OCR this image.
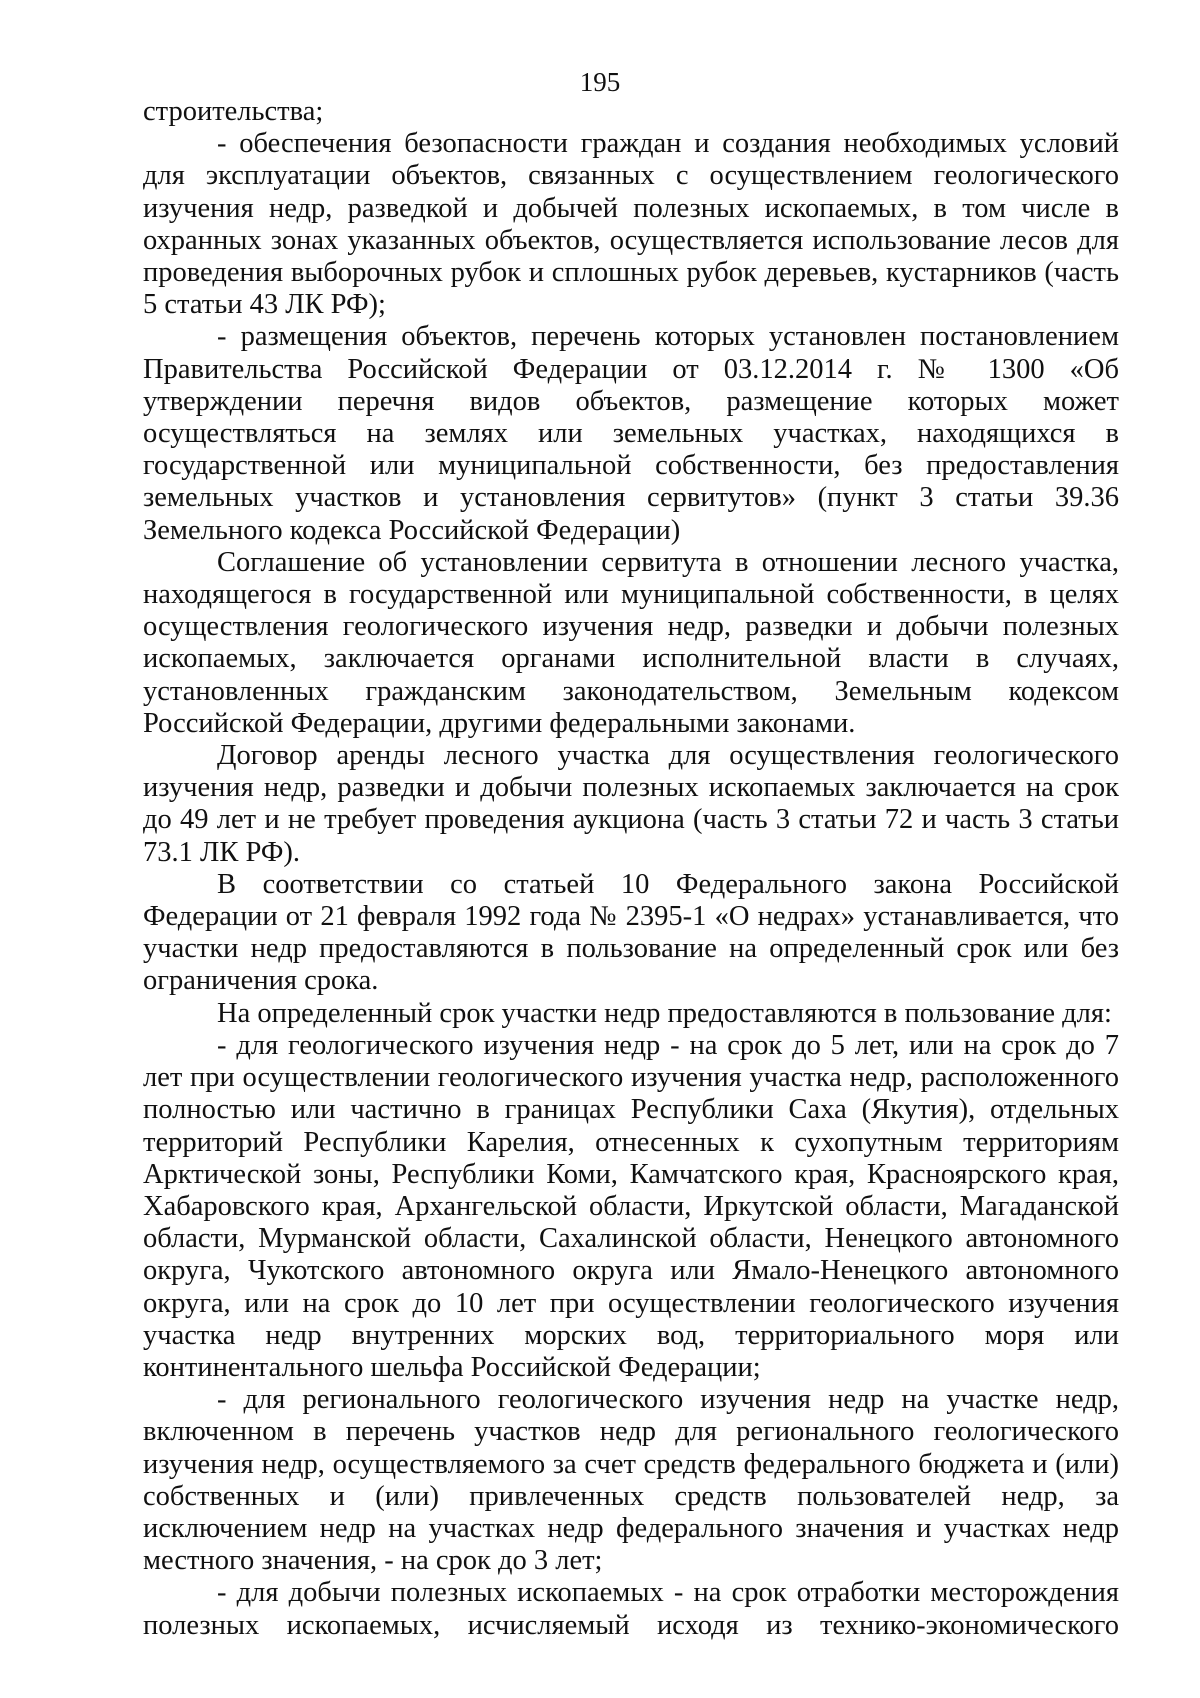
195

строительства;

- обеспечения безопасности граждан и создания необходимых условий для эксплуатации объектов, связанных с осуществлением геологического изучения недр, разведкой и добычей полезных ископаемых, в том числе в охранных зонах указанных объектов, осуществляется использование лесов для проведения выборочных рубок и сплошных рубок деревьев, кустарников (часть 5 статьи 43 ЛК РФ);

- размещения объектов, перечень которых установлен постановлением Правительства Российской Федерации от 03.12.2014 г. № 1300 «Об утверждении перечня видов объектов, размещение которых может осуществляться на землях или земельных участках, находящихся в государственной или муниципальной собственности, без предоставления земельных участков и установления сервитутов» (пункт 3 статьи 39.36 Земельного кодекса Российской Федерации)

Соглашение об установлении сервитута в отношении лесного участка, находящегося в государственной или муниципальной собственности, в целях осуществления геологического изучения недр, разведки и добычи полезных ископаемых, заключается органами исполнительной власти в случаях, установленных гражданским законодательством, Земельным кодексом Российской Федерации, другими федеральными законами.

Договор аренды лесного участка для осуществления геологического изучения недр, разведки и добычи полезных ископаемых заключается на срок до 49 лет и не требует проведения аукциона (часть 3 статьи 72 и часть 3 статьи 73.1 ЛК РФ).

В соответствии со статьей 10 Федерального закона Российской Федерации от 21 февраля 1992 года № 2395-1 «О недрах» устанавливается, что участки недр предоставляются в пользование на определенный срок или без ограничения срока.

На определенный срок участки недр предоставляются в пользование для:

- для геологического изучения недр - на срок до 5 лет, или на срок до 7 лет при осуществлении геологического изучения участка недр, расположенного полностью или частично в границах Республики Саха (Якутия), отдельных территорий Республики Карелия, отнесенных к сухопутным территориям Арктической зоны, Республики Коми, Камчатского края, Красноярского края, Хабаровского края, Архангельской области, Иркутской области, Магаданской области, Мурманской области, Сахалинской области, Ненецкого автономного округа, Чукотского автономного округа или Ямало-Ненецкого автономного округа, или на срок до 10 лет при осуществлении геологического изучения участка недр внутренних морских вод, территориального моря или континентального шельфа Российской Федерации;

- для регионального геологического изучения недр на участке недр, включенном в перечень участков недр для регионального геологического изучения недр, осуществляемого за счет средств федерального бюджета и (или) собственных и (или) привлеченных средств пользователей недр, за исключением недр на участках недр федерального значения и участках недр местного значения, - на срок до 3 лет;

- для добычи полезных ископаемых - на срок отработки месторождения полезных ископаемых, исчисляемый исходя из технико-экономического
